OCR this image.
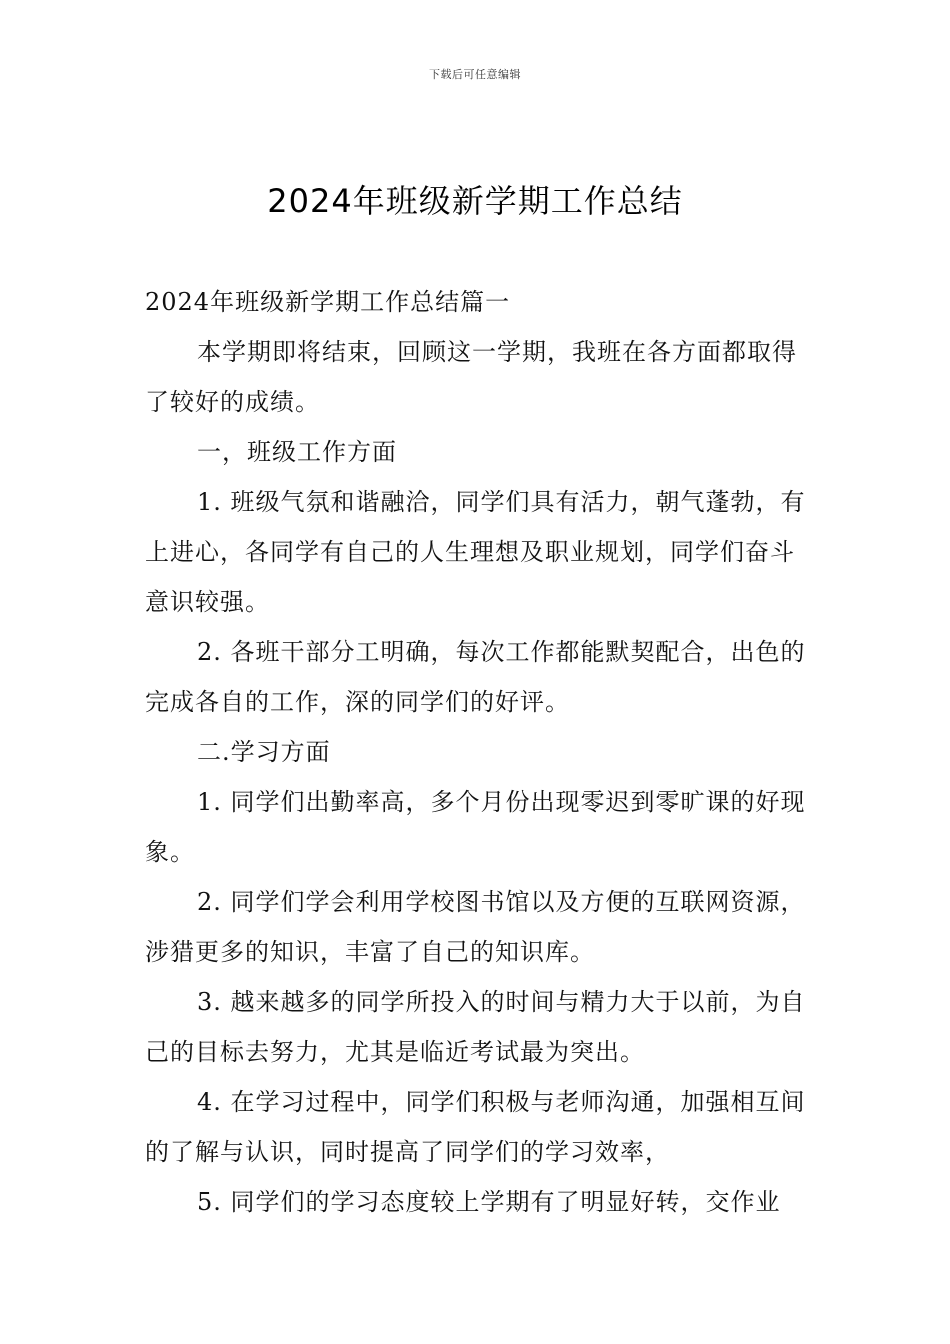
下载后可任意编辑
2024年班级新学期工作总结

2024年班级新学期工作总结篇一

本学期即将结束，回顾这一学期，我班在各方面都取得了较好的成绩。

一，班级工作方面

1. 班级气氛和谐融洽，同学们具有活力，朝气蓬勃，有上进心，各同学有自己的人生理想及职业规划，同学们奋斗意识较强。

2. 各班干部分工明确，每次工作都能默契配合，出色的完成各自的工作，深的同学们的好评。

二.学习方面

1. 同学们出勤率高，多个月份出现零迟到零旷课的好现象。

2. 同学们学会利用学校图书馆以及方便的互联网资源，涉猎更多的知识，丰富了自己的知识库。

3. 越来越多的同学所投入的时间与精力大于以前，为自己的目标去努力，尤其是临近考试最为突出。

4. 在学习过程中，同学们积极与老师沟通，加强相互间的了解与认识，同时提高了同学们的学习效率，

5. 同学们的学习态度较上学期有了明显好转，交作业
